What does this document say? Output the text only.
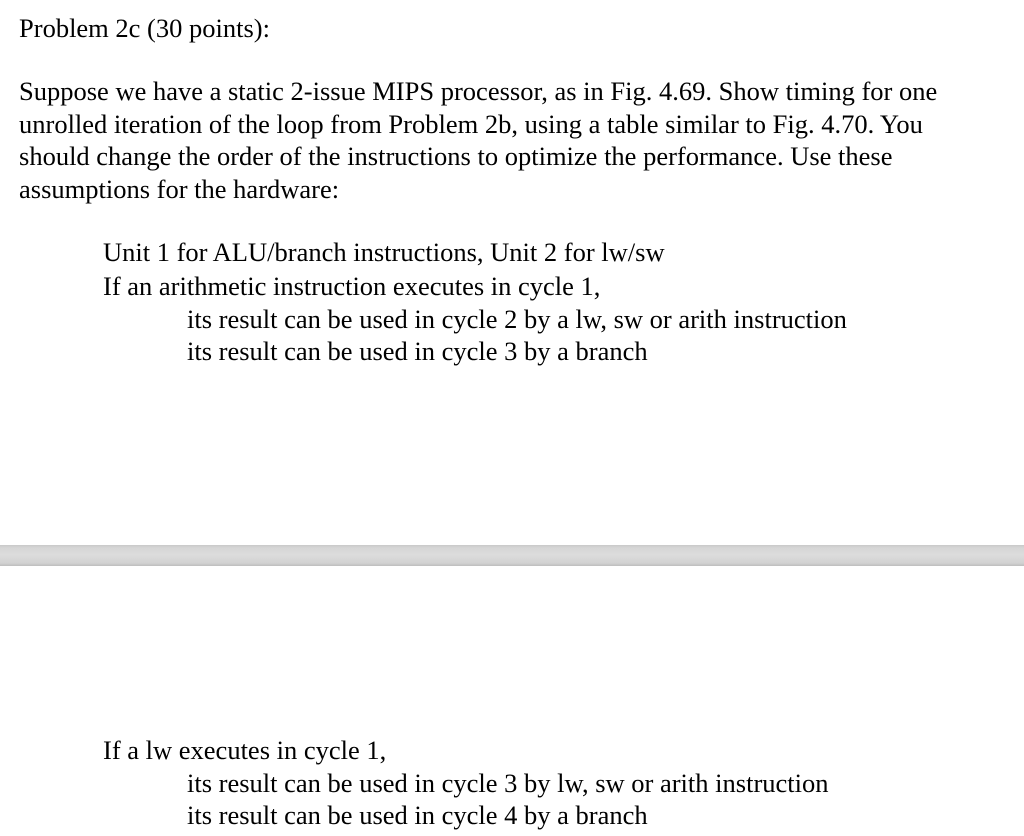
Problem 2c (30 points):
Suppose we have a static 2-issue MIPS processor, as in Fig. 4.69. Show timing for one
unrolled iteration of the loop from Problem 2b, using a table similar to Fig. 4.70. You
should change the order of the instructions to optimize the performance. Use these
assumptions for the hardware:
Unit 1 for ALU/branch instructions, Unit 2 for lw/sw
If an arithmetic instruction executes in cycle 1,
its result can be used in cycle 2 by a lw, sw or arith instruction
its result can be used in cycle 3 by a branch
If a lw executes in cycle 1,
its result can be used in cycle 3 by lw, sw or arith instruction
its result can be used in cycle 4 by a branch
